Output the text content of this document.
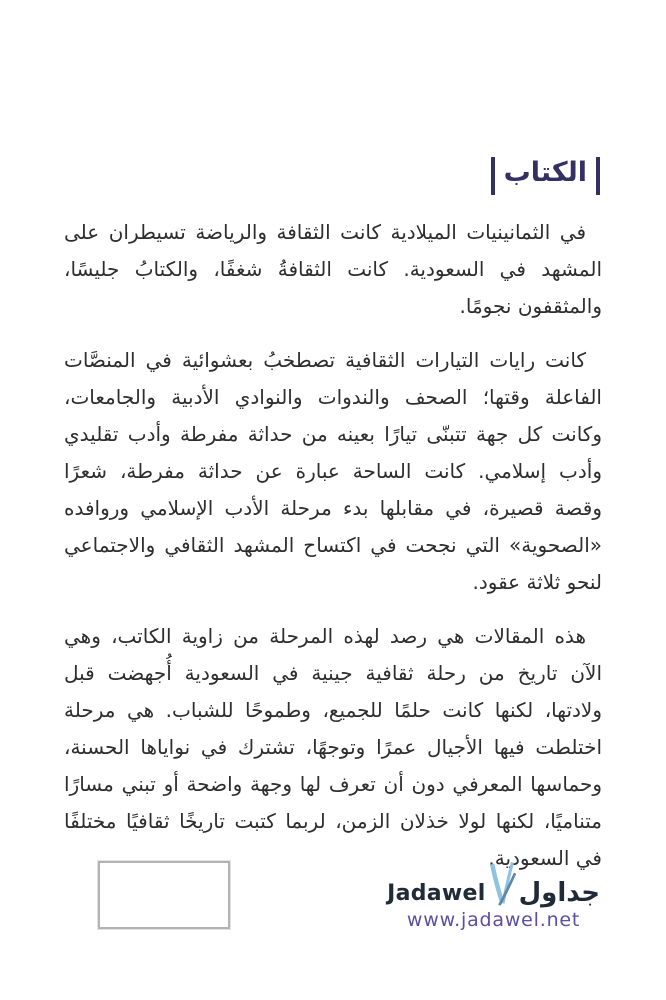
الكتاب

في الثمانينيات الميلادية كانت الثقافة والرياضة تسيطران على المشهد في السعودية. كانت الثقافةُ شغفًا، والكتابُ جليسًا، والمثقفون نجومًا.

كانت رايات التيارات الثقافية تصطخبُ بعشوائية في المنصَّات الفاعلة وقتها؛ الصحف والندوات والنوادي الأدبية والجامعات، وكانت كل جهة تتبنّى تيارًا بعينه من حداثة مفرطة وأدب تقليدي وأدب إسلامي. كانت الساحة عبارة عن حداثة مفرطة، شعرًا وقصة قصيرة، في مقابلها بدء مرحلة الأدب الإسلامي وروافده «الصحوية» التي نجحت في اكتساح المشهد الثقافي والاجتماعي لنحو ثلاثة عقود.

هذه المقالات هي رصد لهذه المرحلة من زاوية الكاتب، وهي الآن تاريخ من رحلة ثقافية جينية في السعودية أُجهضت قبل ولادتها، لكنها كانت حلمًا للجميع، وطموحًا للشباب. هي مرحلة اختلطت فيها الأجيال عمرًا وتوجهًا، تشترك في نواياها الحسنة، وحماسها المعرفي دون أن تعرف لها وجهة واضحة أو تبني مسارًا متناميًا، لكنها لولا خذلان الزمن، لربما كتبت تاريخًا ثقافيًا مختلفًا في السعودية.

Jadawel جداول
www.jadawel.net
